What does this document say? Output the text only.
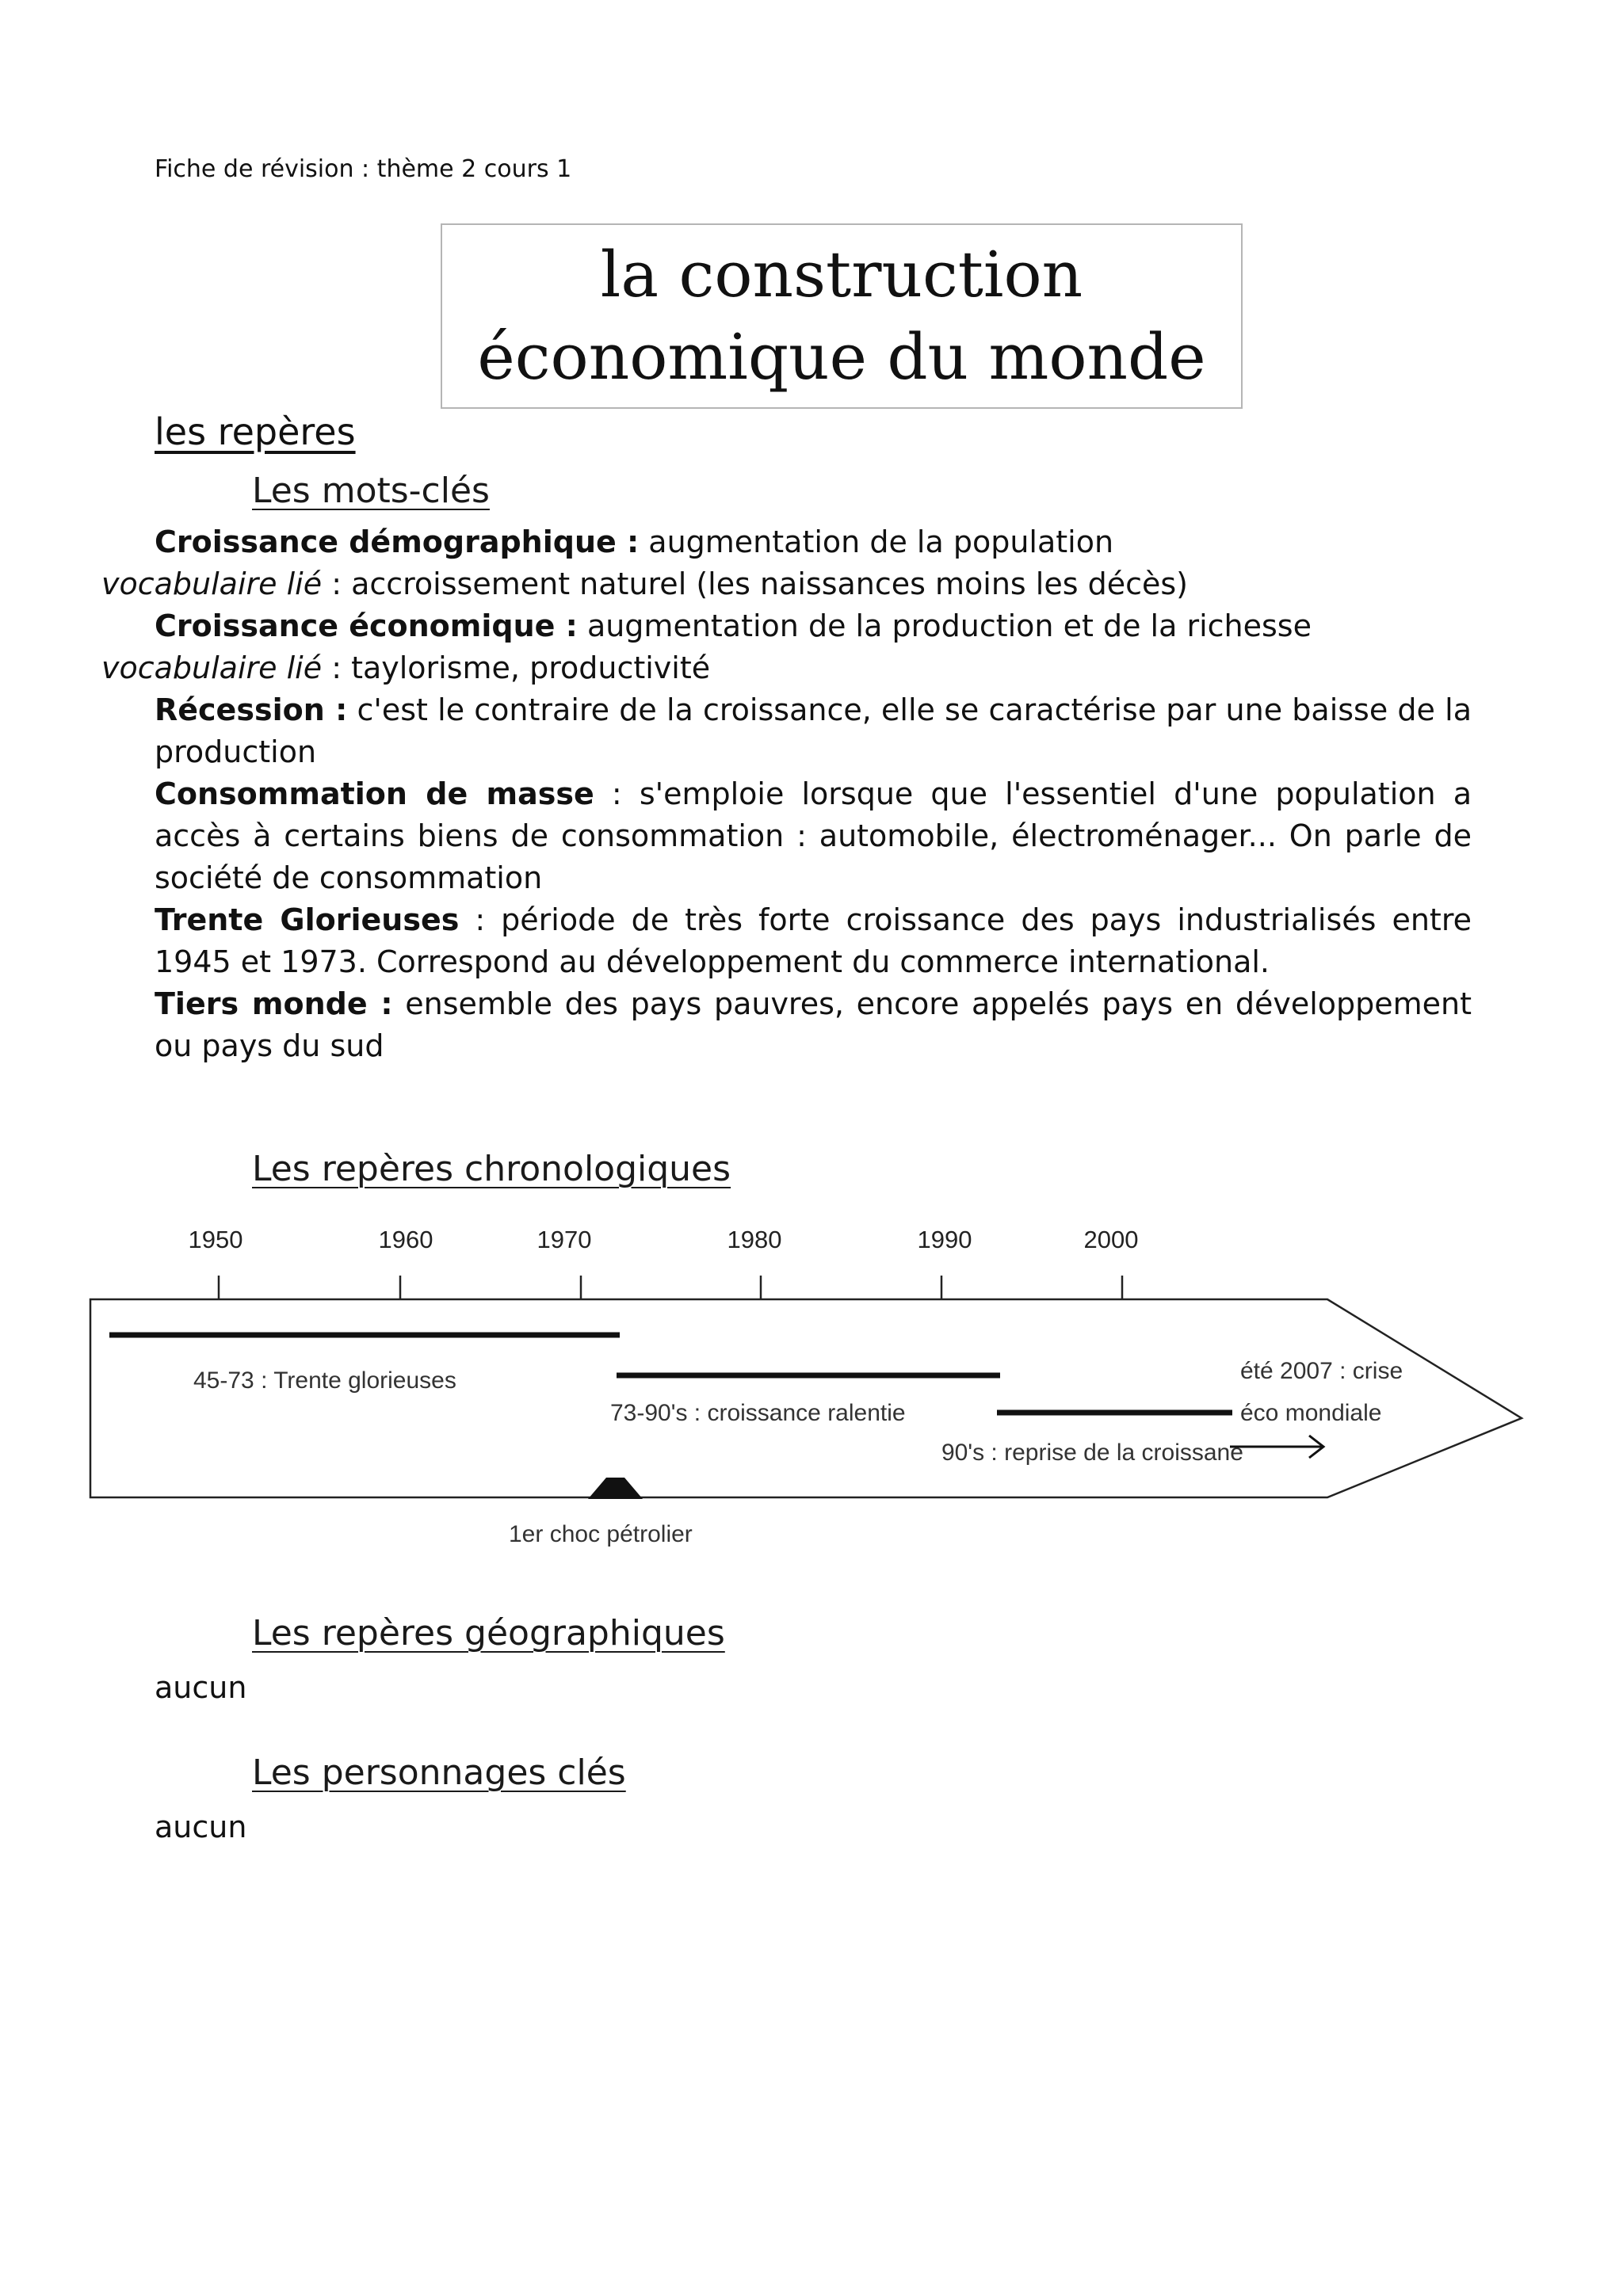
Fiche de révision : thème 2 cours 1
la construction
économique du monde
les repères
Les mots-clés
Croissance démographique : augmentation de la population
vocabulaire lié : accroissement naturel (les naissances moins les décès)
Croissance économique : augmentation de la production et de la richesse
vocabulaire lié : taylorisme, productivité
Récession : c'est le contraire de la croissance, elle se caractérise par une baisse de la production
Consommation de masse : s'emploie lorsque que l'essentiel d'une population a accès à certains biens de consommation : automobile, électroménager... On parle de société de consommation
Trente Glorieuses : période de très forte croissance des pays industrialisés entre 1945 et 1973. Correspond au développement du commerce international.
Tiers monde : ensemble des pays pauvres, encore appelés pays en développement ou pays du sud
Les repères chronologiques
1950	1960	1970	1980	1990	2000
45-73 : Trente glorieuses
73-90's : croissance ralentie
90's : reprise de la croissane
été 2007 : crise
éco mondiale
1er choc pétrolier
Les repères géographiques
aucun
Les personnages clés
aucun
